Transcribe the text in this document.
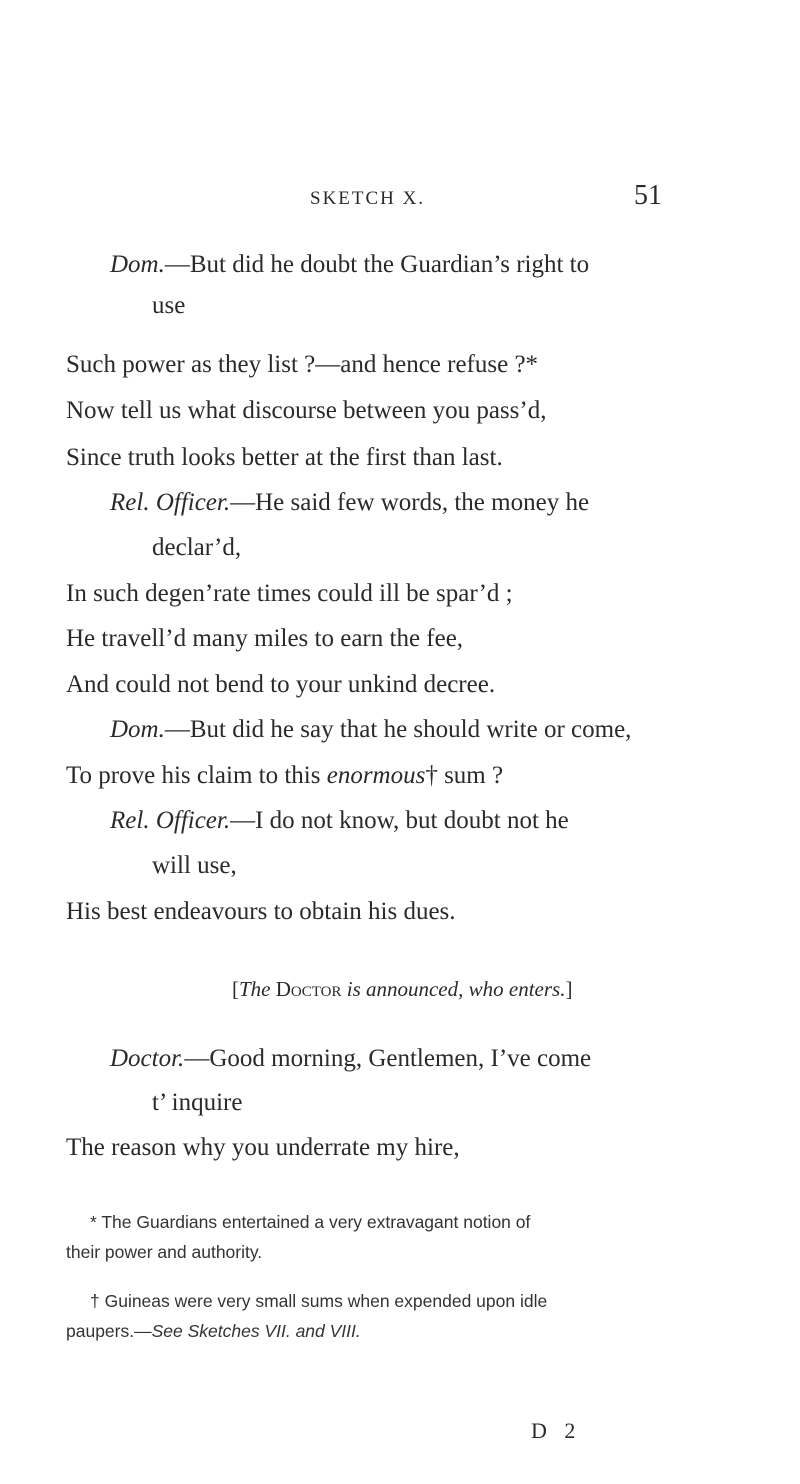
SKETCH X.	51
Dom.—But did he doubt the Guardian’s right to
use
Such power as they list ?—and hence refuse ?*
Now tell us what discourse between you pass’d,
Since truth looks better at the first than last.
Rel. Officer.—He said few words, the money he
declar’d,
In such degen’rate times could ill be spar’d ;
He travell’d many miles to earn the fee,
And could not bend to your unkind decree.
Dom.—But did he say that he should write or come,
To prove his claim to this enormous† sum ?
Rel. Officer.—I do not know, but doubt not he
will use,
His best endeavours to obtain his dues.
[The Doctor is announced, who enters.]
Doctor.—Good morning, Gentlemen, I’ve come
t’ inquire
The reason why you underrate my hire,
* The Guardians entertained a very extravagant notion of
their power and authority.
† Guineas were very small sums when expended upon idle
paupers.—See Sketches VII. and VIII.
D 2
